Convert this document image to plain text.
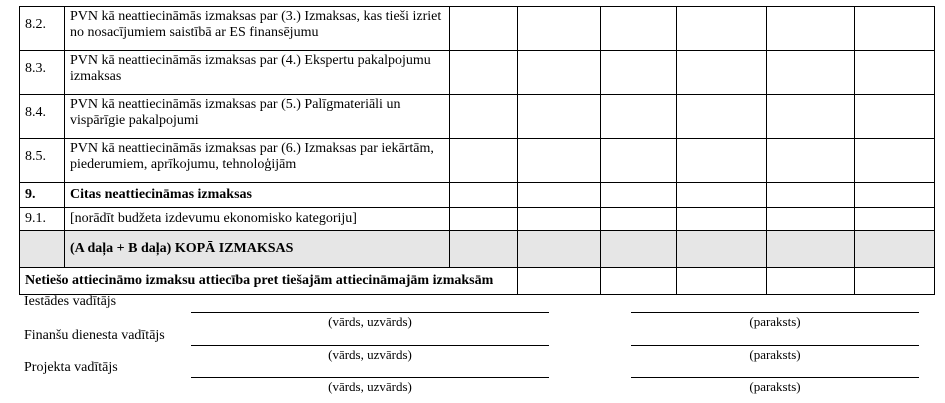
8.2.	PVN kā neattiecināmās izmaksas par (3.) Izmaksas, kas tieši izriet no nosacījumiem saistībā ar ES finansējumu						
8.3.	PVN kā neattiecināmās izmaksas par (4.) Ekspertu pakalpojumu izmaksas						
8.4.	PVN kā neattiecināmās izmaksas par (5.) Palīgmateriāli un vispārīgie pakalpojumi						
8.5.	PVN kā neattiecināmās izmaksas par (6.) Izmaksas par iekārtām, piederumiem, aprīkojumu, tehnoloģijām						
9.	Citas neattiecināmas izmaksas						
9.1.	[norādīt budžeta izdevumu ekonomisko kategoriju]						
	(A daļa + B daļa) KOPĀ IZMAKSAS						
Netiešo attiecināmo izmaksu attiecība pret tiešajām attiecināmajām izmaksām							
Iestādes vadītājs
(vārds, uzvārds)	(paraksts)
Finanšu dienesta vadītājs
(vārds, uzvārds)	(paraksts)
Projekta vadītājs
(vārds, uzvārds)	(paraksts)
